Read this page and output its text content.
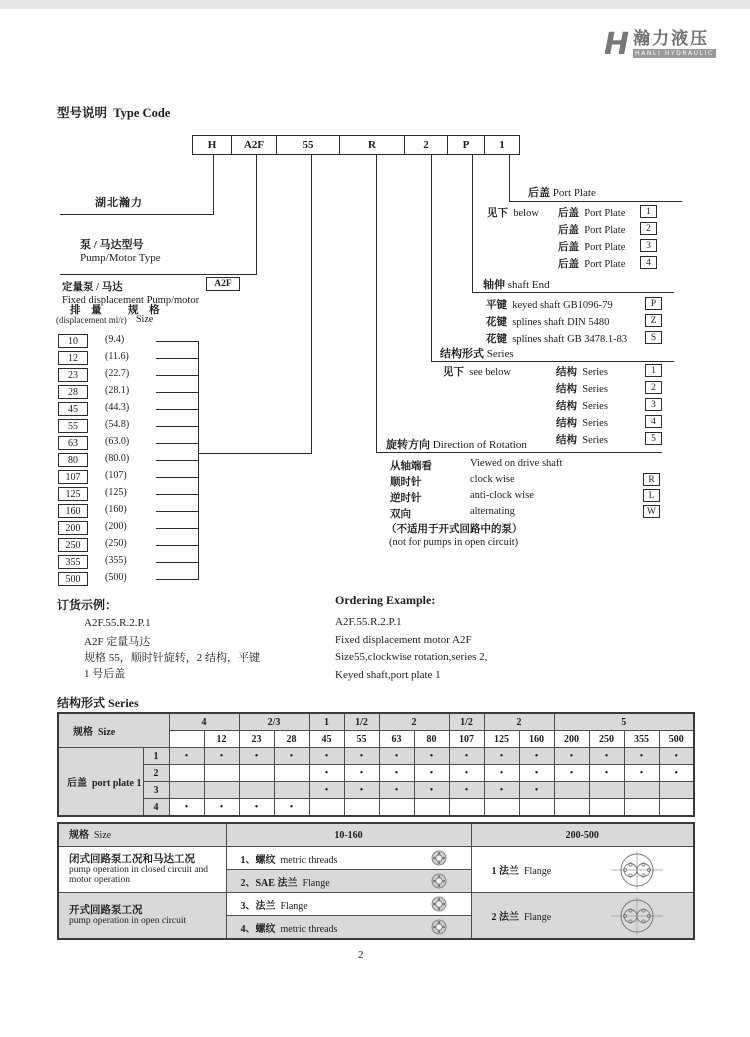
H 瀚力液压
HANLI HYDRAULIC
型号说明 Type Code
H	A2F	55	R	2	P	1
湖北瀚力
泵 / 马达型号
Pump/Motor Type
定量泵 / 马达	A2F
Fixed displacement Pump/motor
排 量 规 格
(displacement ml/r) Size
10	(9.4)
12	(11.6)
23	(22.7)
28	(28.1)
45	(44.3)
55	(54.8)
63	(63.0)
80	(80.0)
107	(107)
125	(125)
160	(160)
200	(200)
250	(250)
355	(355)
500	(500)
后盖 Port Plate
轴伸 shaft End
结构形式 Series
旋转方向 Direction of Rotation
见下  below 后盖  Port Plate	1
后盖  Port Plate	2
后盖  Port Plate	3
后盖  Port Plate	4
平键  keyed shaft GB1096-79	P
花键  splines shaft DIN 5480	Z
花键  splines shaft GB 3478.1-83	S
见下  see below	结构  Series	1
结构  Series	2
结构  Series	3
结构  Series	4
结构  Series	5
从轴端看	Viewed on drive shaft
顺时针	clock wise	R
逆时针	anti-clock wise	L
双向	alternating	W
（不适用于开式回路中的泵）
(not for pumps in open circuit)
订货示例：
A2F.55.R.2.P.1
A2F 定量马达
规格 55，顺时针旋转，2 结构，平键
1 号后盖
Ordering Example:
A2F.55.R.2.P.1
Fixed displacement motor A2F
Size55,clockwise rotation,series 2,
Keyed shaft,port plate 1
结构形式 Series
规格  Size		4		2/3		1	1/2	2		1/2	2		5			
			12	23	28	45	55	63	80	107	125	160	200	250	355	500
后盖  port plate 1	1	•	•	•	•	•	•	•	•	•	•	•	•	•	•	•
	2					•	•	•	•	•	•	•	•	•	•	•
	3					•	•	•	•	•	•	•				
	4	•	•	•	•											
规格  Size	10-160	200-500

闭式回路泵工况和马达工况
pump operation in closed circuit and
motor operation	1、螺纹  metric threads	1 法兰  Flange

	2、SAE 法兰  Flange	

开式回路泵工况
pump operation in open circuit	3、法兰  Flange	2 法兰  Flange

	4、螺纹  metric threads	
2
